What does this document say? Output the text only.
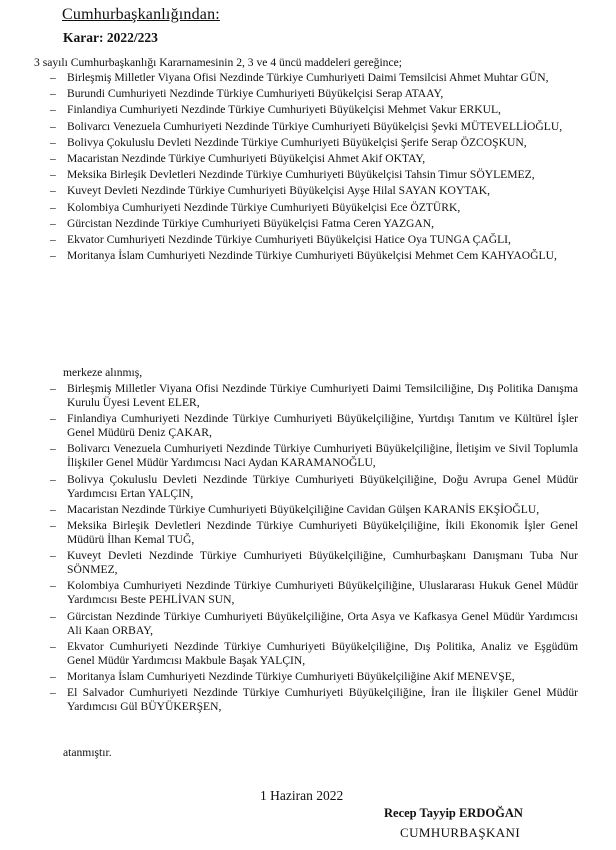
Cumhurbaşkanlığından:
Karar: 2022/223
3 sayılı Cumhurbaşkanlığı Kararnamesinin 2, 3 ve 4 üncü maddeleri gereğince;
– Birleşmiş Milletler Viyana Ofisi Nezdinde Türkiye Cumhuriyeti Daimi Temsilcisi Ahmet Muhtar GÜN,
– Burundi Cumhuriyeti Nezdinde Türkiye Cumhuriyeti Büyükelçisi Serap ATAAY,
– Finlandiya Cumhuriyeti Nezdinde Türkiye Cumhuriyeti Büyükelçisi Mehmet Vakur ERKUL,
– Bolivarcı Venezuela Cumhuriyeti Nezdinde Türkiye Cumhuriyeti Büyükelçisi Şevki MÜTEVELLİOĞLU,
– Bolivya Çokuluslu Devleti Nezdinde Türkiye Cumhuriyeti Büyükelçisi Şerife Serap ÖZCOŞKUN,
– Macaristan Nezdinde Türkiye Cumhuriyeti Büyükelçisi Ahmet Akif OKTAY,
– Meksika Birleşik Devletleri Nezdinde Türkiye Cumhuriyeti Büyükelçisi Tahsin Timur SÖYLEMEZ,
– Kuveyt Devleti Nezdinde Türkiye Cumhuriyeti Büyükelçisi Ayşe Hilal SAYAN KOYTAK,
– Kolombiya Cumhuriyeti Nezdinde Türkiye Cumhuriyeti Büyükelçisi Ece ÖZTÜRK,
– Gürcistan Nezdinde Türkiye Cumhuriyeti Büyükelçisi Fatma Ceren YAZGAN,
– Ekvator Cumhuriyeti Nezdinde Türkiye Cumhuriyeti Büyükelçisi Hatice Oya TUNGA ÇAĞLI,
– Moritanya İslam Cumhuriyeti Nezdinde Türkiye Cumhuriyeti Büyükelçisi Mehmet Cem KAHYAOĞLU,
merkeze alınmış,
– Birleşmiş Milletler Viyana Ofisi Nezdinde Türkiye Cumhuriyeti Daimi Temsilciliğine, Dış Politika Danışma Kurulu Üyesi Levent ELER,
– Finlandiya Cumhuriyeti Nezdinde Türkiye Cumhuriyeti Büyükelçiliğine, Yurtdışı Tanıtım ve Kültürel İşler Genel Müdürü Deniz ÇAKAR,
– Bolivarcı Venezuela Cumhuriyeti Nezdinde Türkiye Cumhuriyeti Büyükelçiliğine, İletişim ve Sivil Toplumla İlişkiler Genel Müdür Yardımcısı Naci Aydan KARAMANOĞLU,
– Bolivya Çokuluslu Devleti Nezdinde Türkiye Cumhuriyeti Büyükelçiliğine, Doğu Avrupa Genel Müdür Yardımcısı Ertan YALÇIN,
– Macaristan Nezdinde Türkiye Cumhuriyeti Büyükelçiliğine Cavidan Gülşen KARANİS EKŞİOĞLU,
– Meksika Birleşik Devletleri Nezdinde Türkiye Cumhuriyeti Büyükelçiliğine, İkili Ekonomik İşler Genel Müdürü İlhan Kemal TUĞ,
– Kuveyt Devleti Nezdinde Türkiye Cumhuriyeti Büyükelçiliğine, Cumhurbaşkanı Danışmanı Tuba Nur SÖNMEZ,
– Kolombiya Cumhuriyeti Nezdinde Türkiye Cumhuriyeti Büyükelçiliğine, Uluslararası Hukuk Genel Müdür Yardımcısı Beste PEHLİVAN SUN,
– Gürcistan Nezdinde Türkiye Cumhuriyeti Büyükelçiliğine, Orta Asya ve Kafkasya Genel Müdür Yardımcısı Ali Kaan ORBAY,
– Ekvator Cumhuriyeti Nezdinde Türkiye Cumhuriyeti Büyükelçiliğine, Dış Politika, Analiz ve Eşgüdüm Genel Müdür Yardımcısı Makbule Başak YALÇIN,
– Moritanya İslam Cumhuriyeti Nezdinde Türkiye Cumhuriyeti Büyükelçiliğine Akif MENEVŞE,
– El Salvador Cumhuriyeti Nezdinde Türkiye Cumhuriyeti Büyükelçiliğine, İran ile İlişkiler Genel Müdür Yardımcısı Gül BÜYÜKERŞEN,
atanmıştır.
1 Haziran 2022
Recep Tayyip ERDOĞAN
CUMHURBAŞKANI
